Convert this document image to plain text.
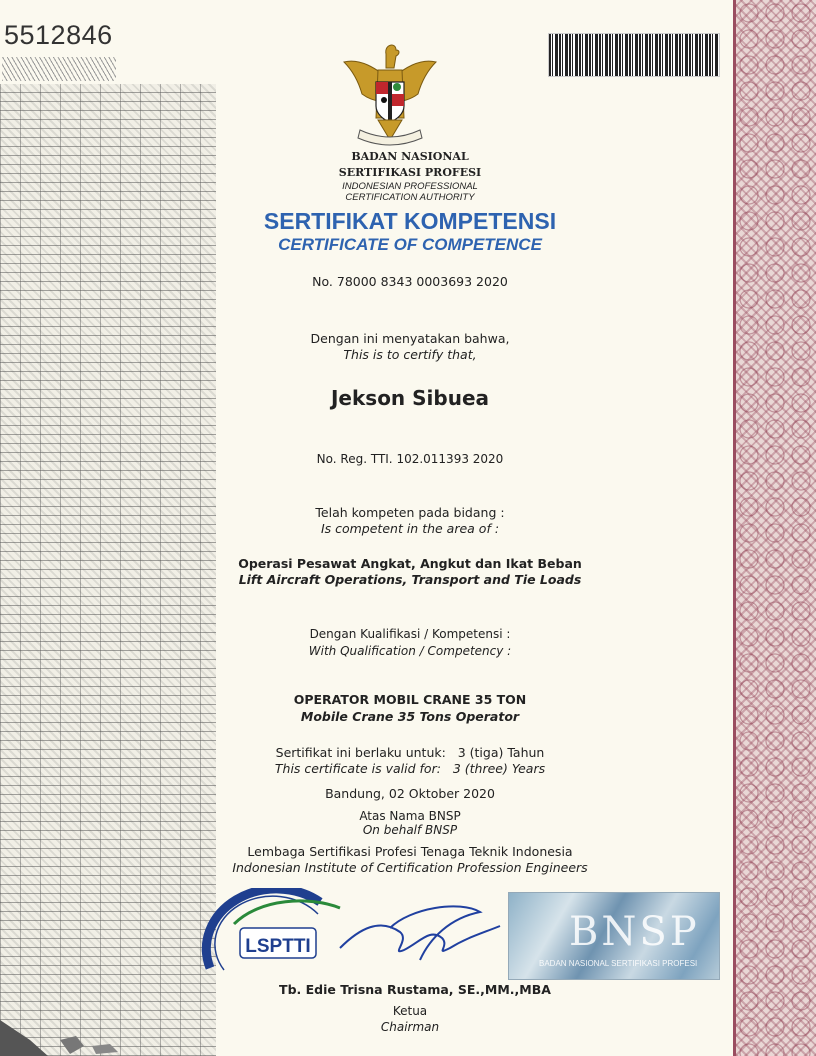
5512846
BADAN NASIONAL
SERTIFIKASI PROFESI
INDONESIAN PROFESSIONAL
CERTIFICATION AUTHORITY
SERTIFIKAT KOMPETENSI
CERTIFICATE OF COMPETENCE
No. 78000 8343 0003693 2020
Dengan ini menyatakan bahwa,
This is to certify that,
Jekson Sibuea
No. Reg. TTI. 102.011393 2020
Telah kompeten pada bidang :
Is competent in the area of :
Operasi Pesawat Angkat, Angkut dan Ikat Beban
Lift Aircraft Operations, Transport and Tie Loads
Dengan Kualifikasi / Kompetensi :
With Qualification / Competency :
OPERATOR MOBIL CRANE 35 TON
Mobile Crane 35 Tons Operator
Sertifikat ini berlaku untuk:   3 (tiga) Tahun
This certificate is valid for:   3 (three) Years
Bandung, 02 Oktober 2020
Atas Nama BNSP
On behalf BNSP
Lembaga Sertifikasi Profesi Tenaga Teknik Indonesia
Indonesian Institute of Certification Profession Engineers
LSPTTI	BNSP
BADAN NASIONAL SERTIFIKASI PROFESI
Tb. Edie Trisna Rustama, SE.,MM.,MBA
Ketua
Chairman
